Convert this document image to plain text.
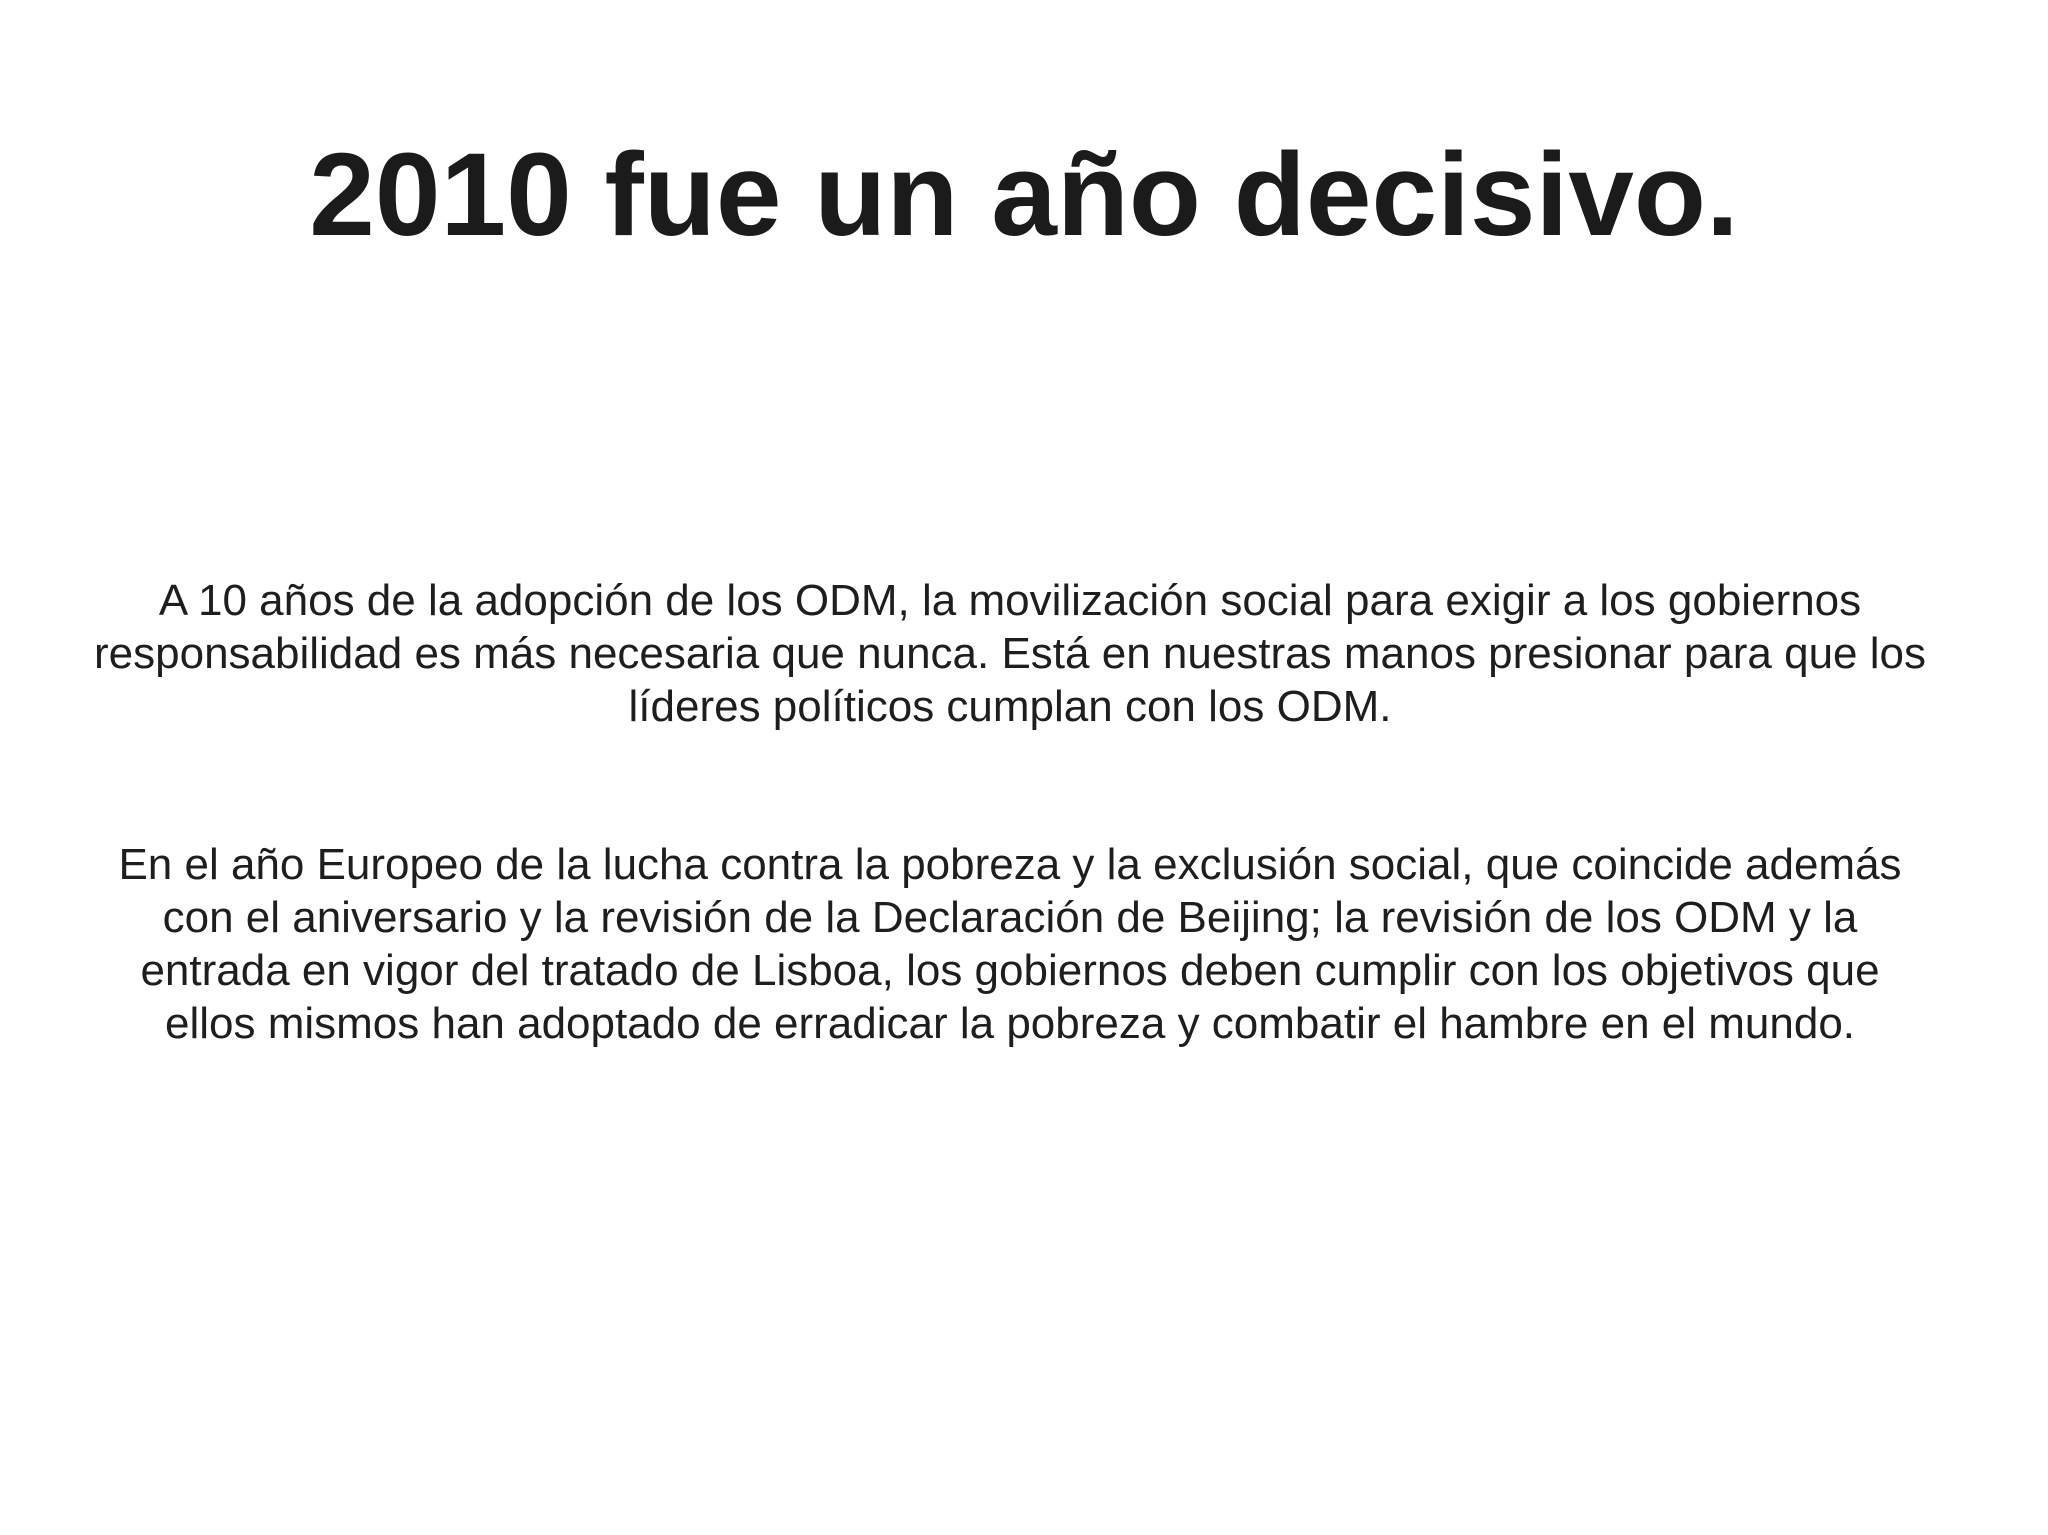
2010 fue un año decisivo.

A 10 años de la adopción de los ODM, la movilización social para exigir a los gobiernos responsabilidad es más necesaria que nunca. Está en nuestras manos presionar para que los líderes políticos cumplan con los ODM.

En el año Europeo de la lucha contra la pobreza y la exclusión social, que coincide además con el aniversario y la revisión de la Declaración de Beijing; la revisión de los ODM y la entrada en vigor del tratado de Lisboa, los gobiernos deben cumplir con los objetivos que ellos mismos han adoptado de erradicar la pobreza y combatir el hambre en el mundo.
